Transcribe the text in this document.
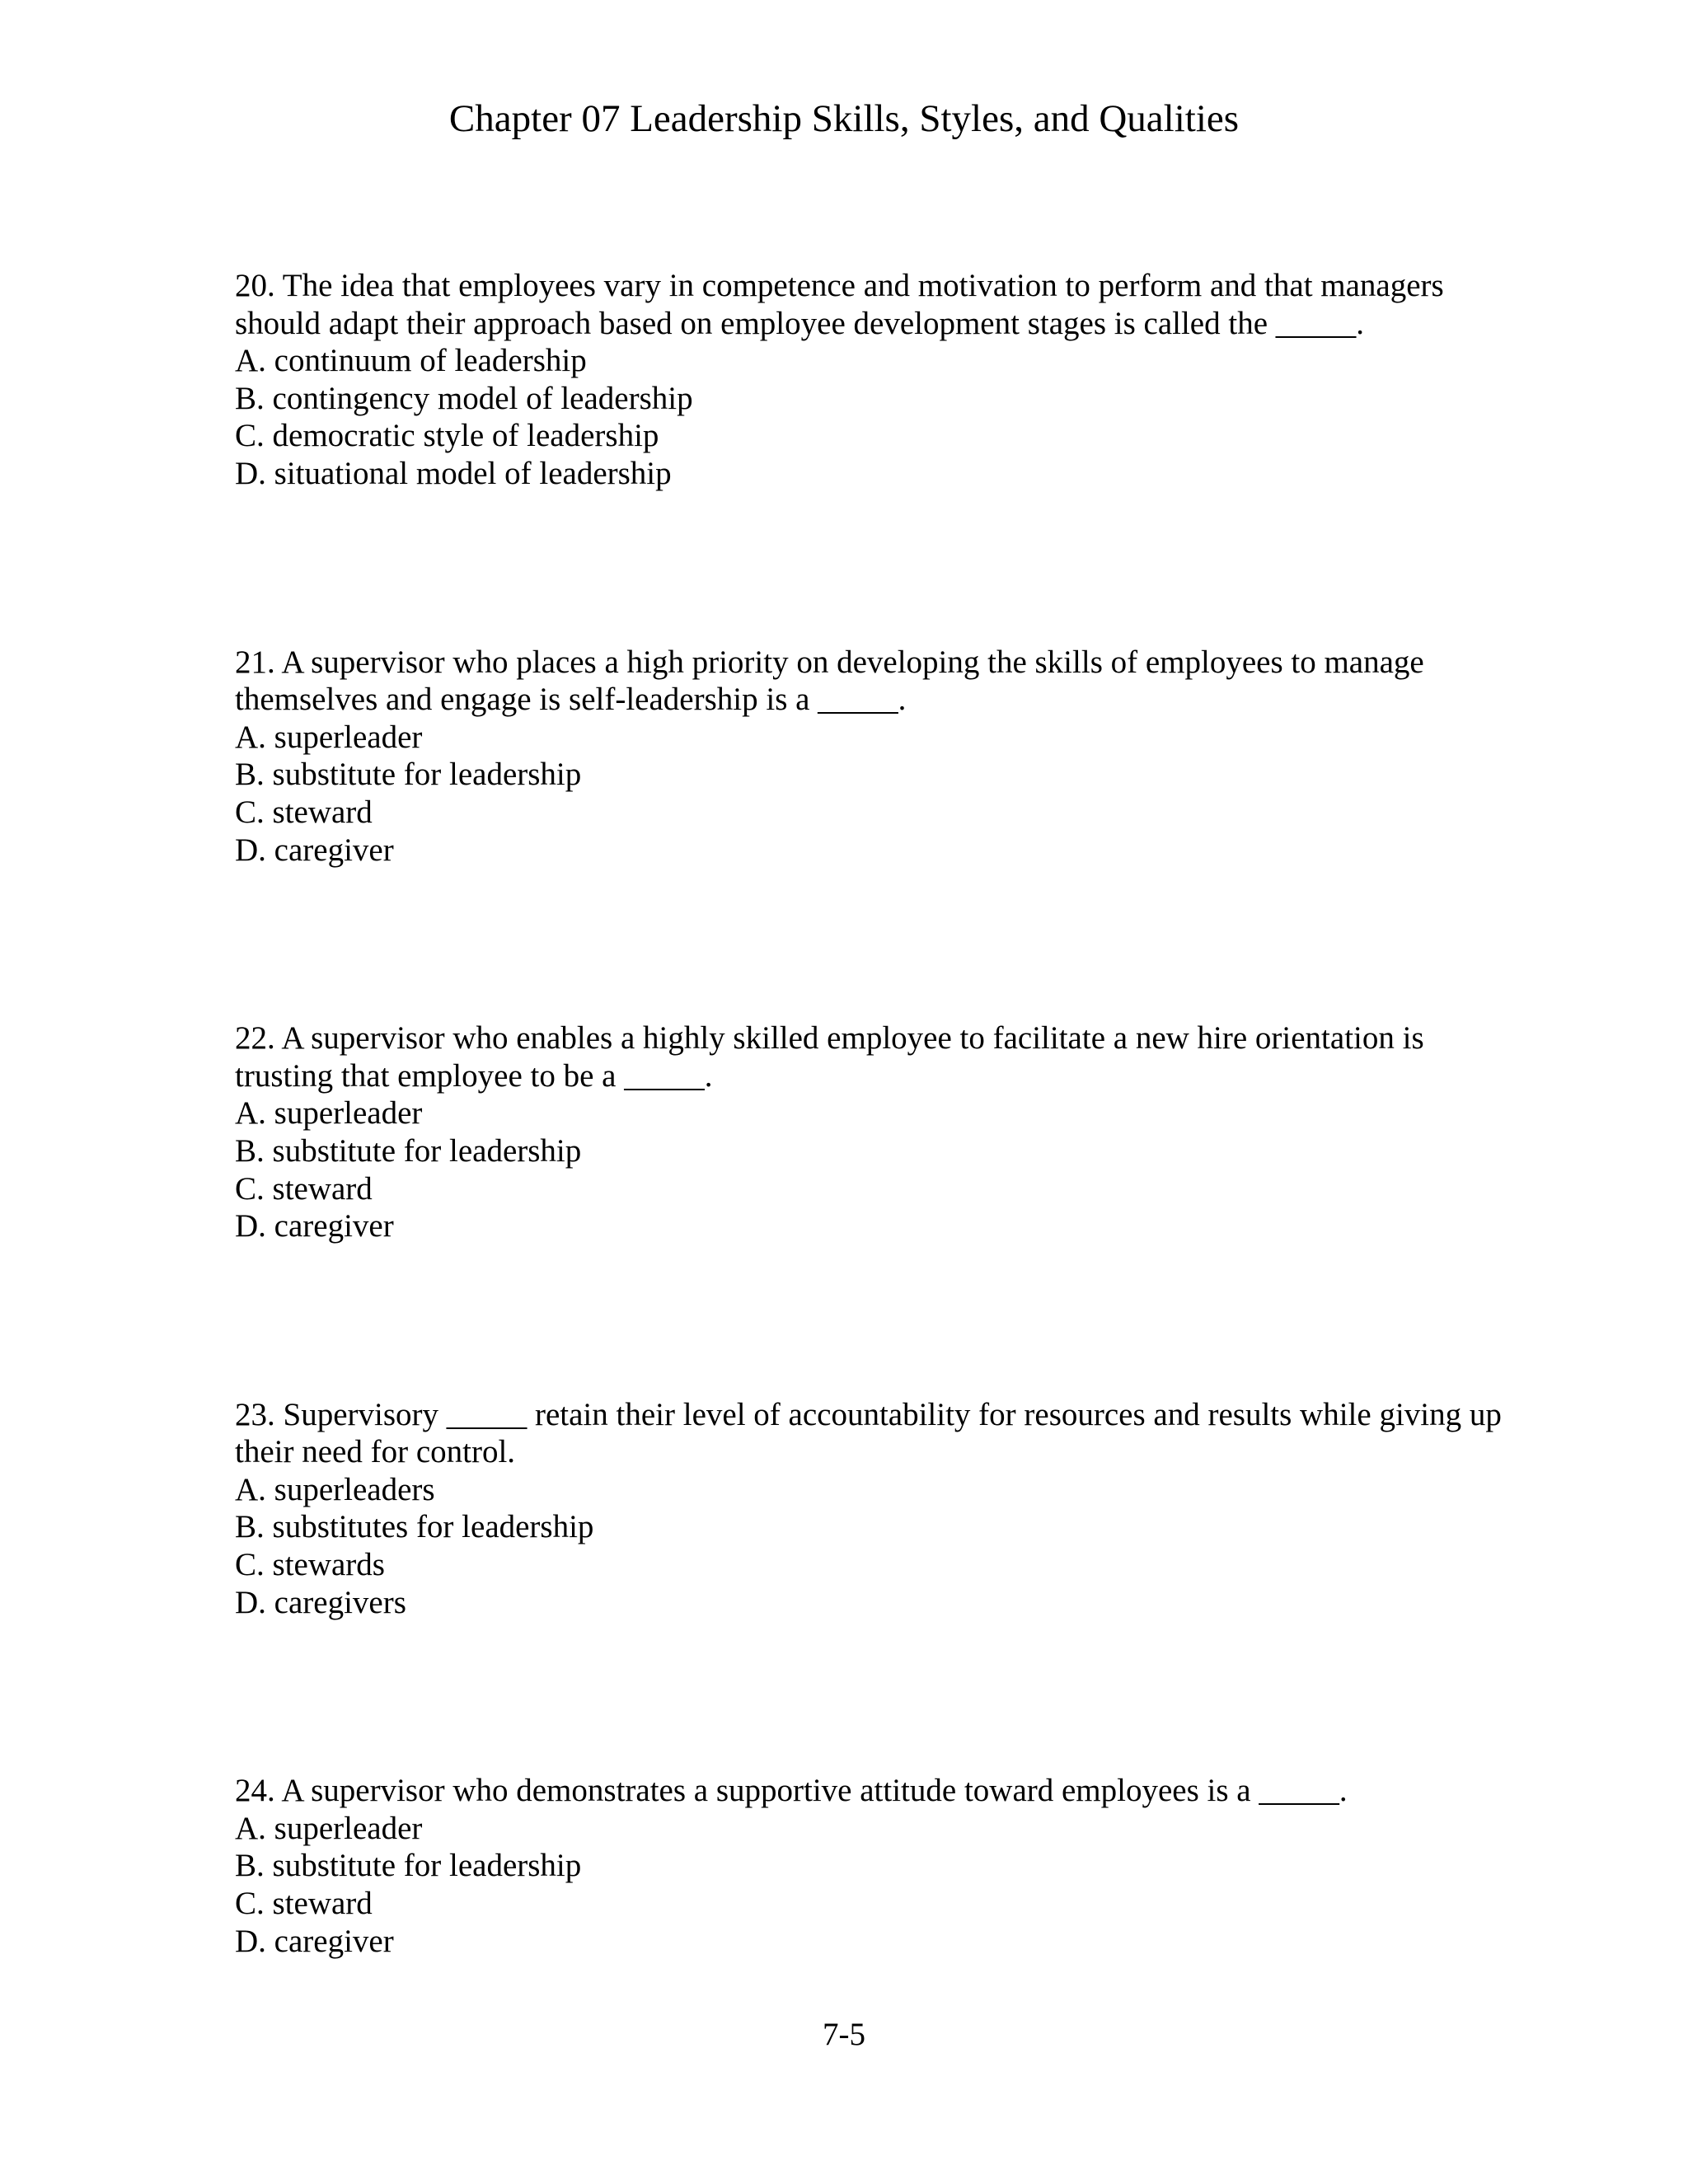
Chapter 07 Leadership Skills, Styles, and Qualities
20. The idea that employees vary in competence and motivation to perform and that managers should adapt their approach based on employee development stages is called the _____.
A. continuum of leadership
B. contingency model of leadership
C. democratic style of leadership
D. situational model of leadership
21. A supervisor who places a high priority on developing the skills of employees to manage themselves and engage is self-leadership is a _____.
A. superleader
B. substitute for leadership
C. steward
D. caregiver
22. A supervisor who enables a highly skilled employee to facilitate a new hire orientation is trusting that employee to be a _____.
A. superleader
B. substitute for leadership
C. steward
D. caregiver
23. Supervisory _____ retain their level of accountability for resources and results while giving up their need for control.
A. superleaders
B. substitutes for leadership
C. stewards
D. caregivers
24. A supervisor who demonstrates a supportive attitude toward employees is a _____.
A. superleader
B. substitute for leadership
C. steward
D. caregiver
7-5
